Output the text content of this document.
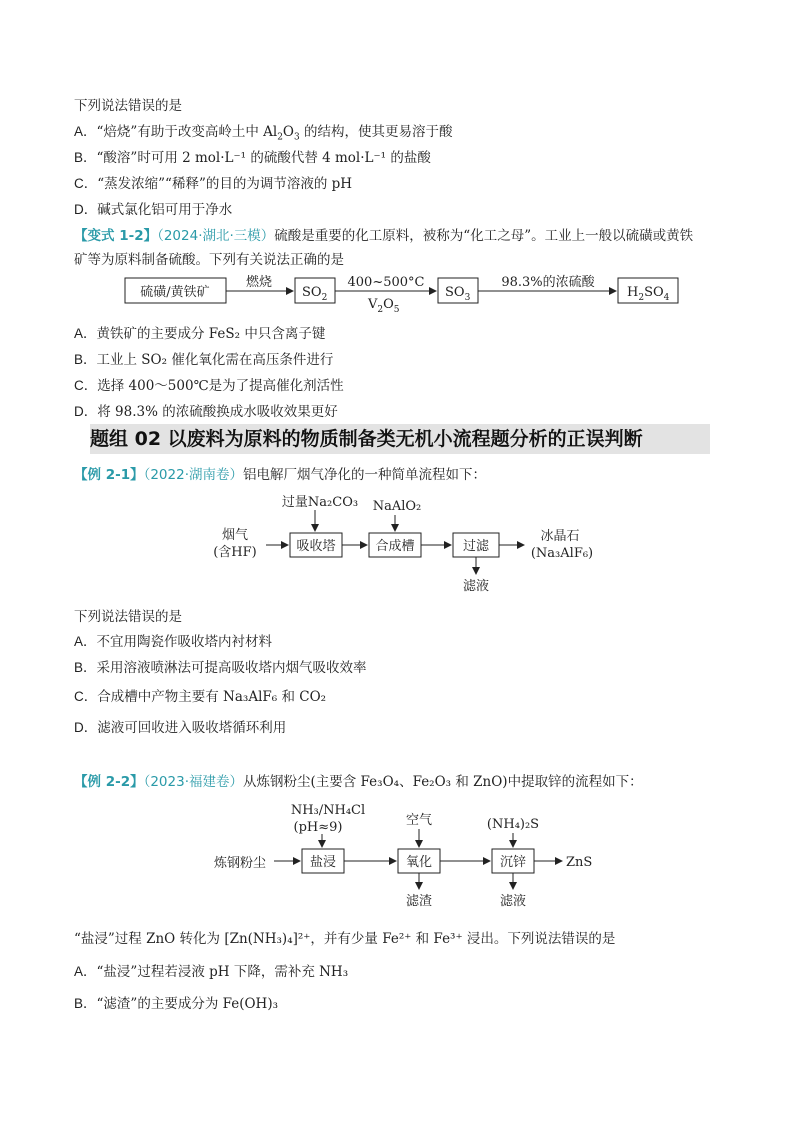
下列说法错误的是
A．“焙烧”有助于改变高岭土中 $Al_2O_3$ 的结构，使其更易溶于酸
B．“酸溶”时可用 2 mol·L⁻¹ 的硫酸代替 4 mol·L⁻¹ 的盐酸
C．“蒸发浓缩”“稀释”的目的为调节溶液的 pH
D．碱式氯化铝可用于净水
【变式 1-2】（2024·湖北·三模）硫酸是重要的化工原料，被称为“化工之母”。工业上一般以硫磺或黄铁
矿等为原料制备硫酸。下列有关说法正确的是
硫磺/黄铁矿
燃烧
$SO_2$
400~500°C
$V_2O_5$
$SO_3$
98.3%的浓硫酸
$H_2SO_4$
A．黄铁矿的主要成分 FeS₂ 中只含离子键
B．工业上 SO₂ 催化氧化需在高压条件进行
C．选择 400～500℃是为了提高催化剂活性
D．将 98.3% 的浓硫酸换成水吸收效果更好
题组 02 以废料为原料的物质制备类无机小流程题分析的正误判断
【例 2-1】（2022·湖南卷）铝电解厂烟气净化的一种简单流程如下：
烟气
(含HF)
过量Na₂CO₃
吸收塔
NaAlO₂
合成槽	过滤
滤液
冰晶石
(Na₃AlF₆)
下列说法错误的是
A．不宜用陶瓷作吸收塔内衬材料
B．采用溶液喷淋法可提高吸收塔内烟气吸收效率
C．合成槽中产物主要有 Na₃AlF₆ 和 CO₂
D．滤液可回收进入吸收塔循环利用
【例 2-2】（2023·福建卷）从炼钢粉尘(主要含 Fe₃O₄、Fe₂O₃ 和 ZnO)中提取锌的流程如下：
炼钢粉尘
NH₃/NH₄Cl
(pH≈9)
盐浸
空气
氧化
滤渣
(NH₄)₂S
沉锌
滤液
ZnS
“盐浸”过程 ZnO 转化为 [Zn(NH₃)₄]²⁺，并有少量 Fe²⁺ 和 Fe³⁺ 浸出。下列说法错误的是
A．“盐浸”过程若浸液 pH 下降，需补充 NH₃
B．“滤渣”的主要成分为 Fe(OH)₃
